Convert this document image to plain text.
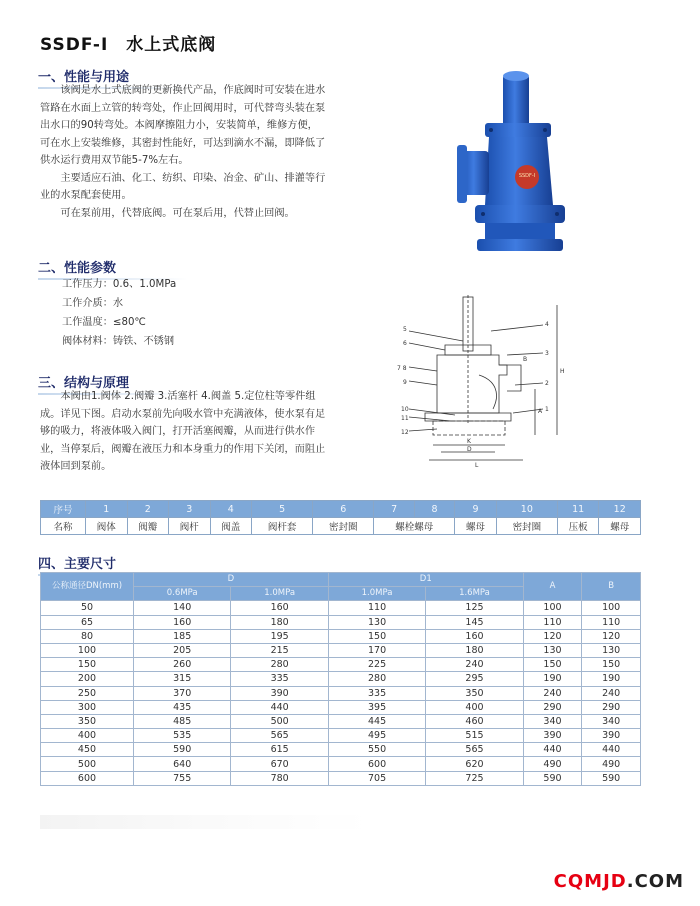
SSDF-Ⅰ　水上式底阀
一、性能与用途

该阀是水上式底阀的更新换代产品，作底阀时可安装在进水管路在水面上立管的转弯处，作止回阀用时，可代替弯头装在泵出水口的90转弯处。本阀摩擦阻力小，安装简单，维修方便，可在水上安装维修，其密封性能好，可达到滴水不漏，即降低了供水运行费用双节能5-7%左右。

主要适应石油、化工、纺织、印染、冶金、矿山、排灌等行业的水泵配套使用。

可在泵前用，代替底阀。可在泵后用，代替止回阀。

SSDF-Ⅰ
二、性能参数
工作压力：0.6、1.0MPa
工作介质：水
工作温度：≤80℃
阀体材料：铸铁、不锈钢
三、结构与原理

本阀由1.阀体 2.阀瓣 3.活塞杆 4.阀盖 5.定位柱等零件组成。详见下图。启动水泵前先向吸水管中充满液体，使水泵有足够的吸力，将液体吸入阀门，打开活塞阀瓣，从而进行供水作业，当停泵后，阀瓣在液压力和本身重力的作用下关闭，而阻止液体回到泵前。

5
6
7 8
9
10
11
12
4
3
2
1
H
A
K
D
L
B
序号	1	2	3	4	5	6	7	8	9	10	11	12
名称	阀体	阀瓣	阀杆	阀盖	阀杆套	密封圈	螺栓螺母		螺母	密封圈	压板	螺母
四、主要尺寸
公称通径DN(mm)	D		D1		A	B
	0.6MPa	1.0MPa	1.0MPa	1.6MPa		
50	140	160	110	125	100	100
65	160	180	130	145	110	110
80	185	195	150	160	120	120
100	205	215	170	180	130	130
150	260	280	225	240	150	150
200	315	335	280	295	190	190
250	370	390	335	350	240	240
300	435	440	395	400	290	290
350	485	500	445	460	340	340
400	535	565	495	515	390	390
450	590	615	550	565	440	440
500	640	670	600	620	490	490
600	755	780	705	725	590	590
CQMJD.COM
